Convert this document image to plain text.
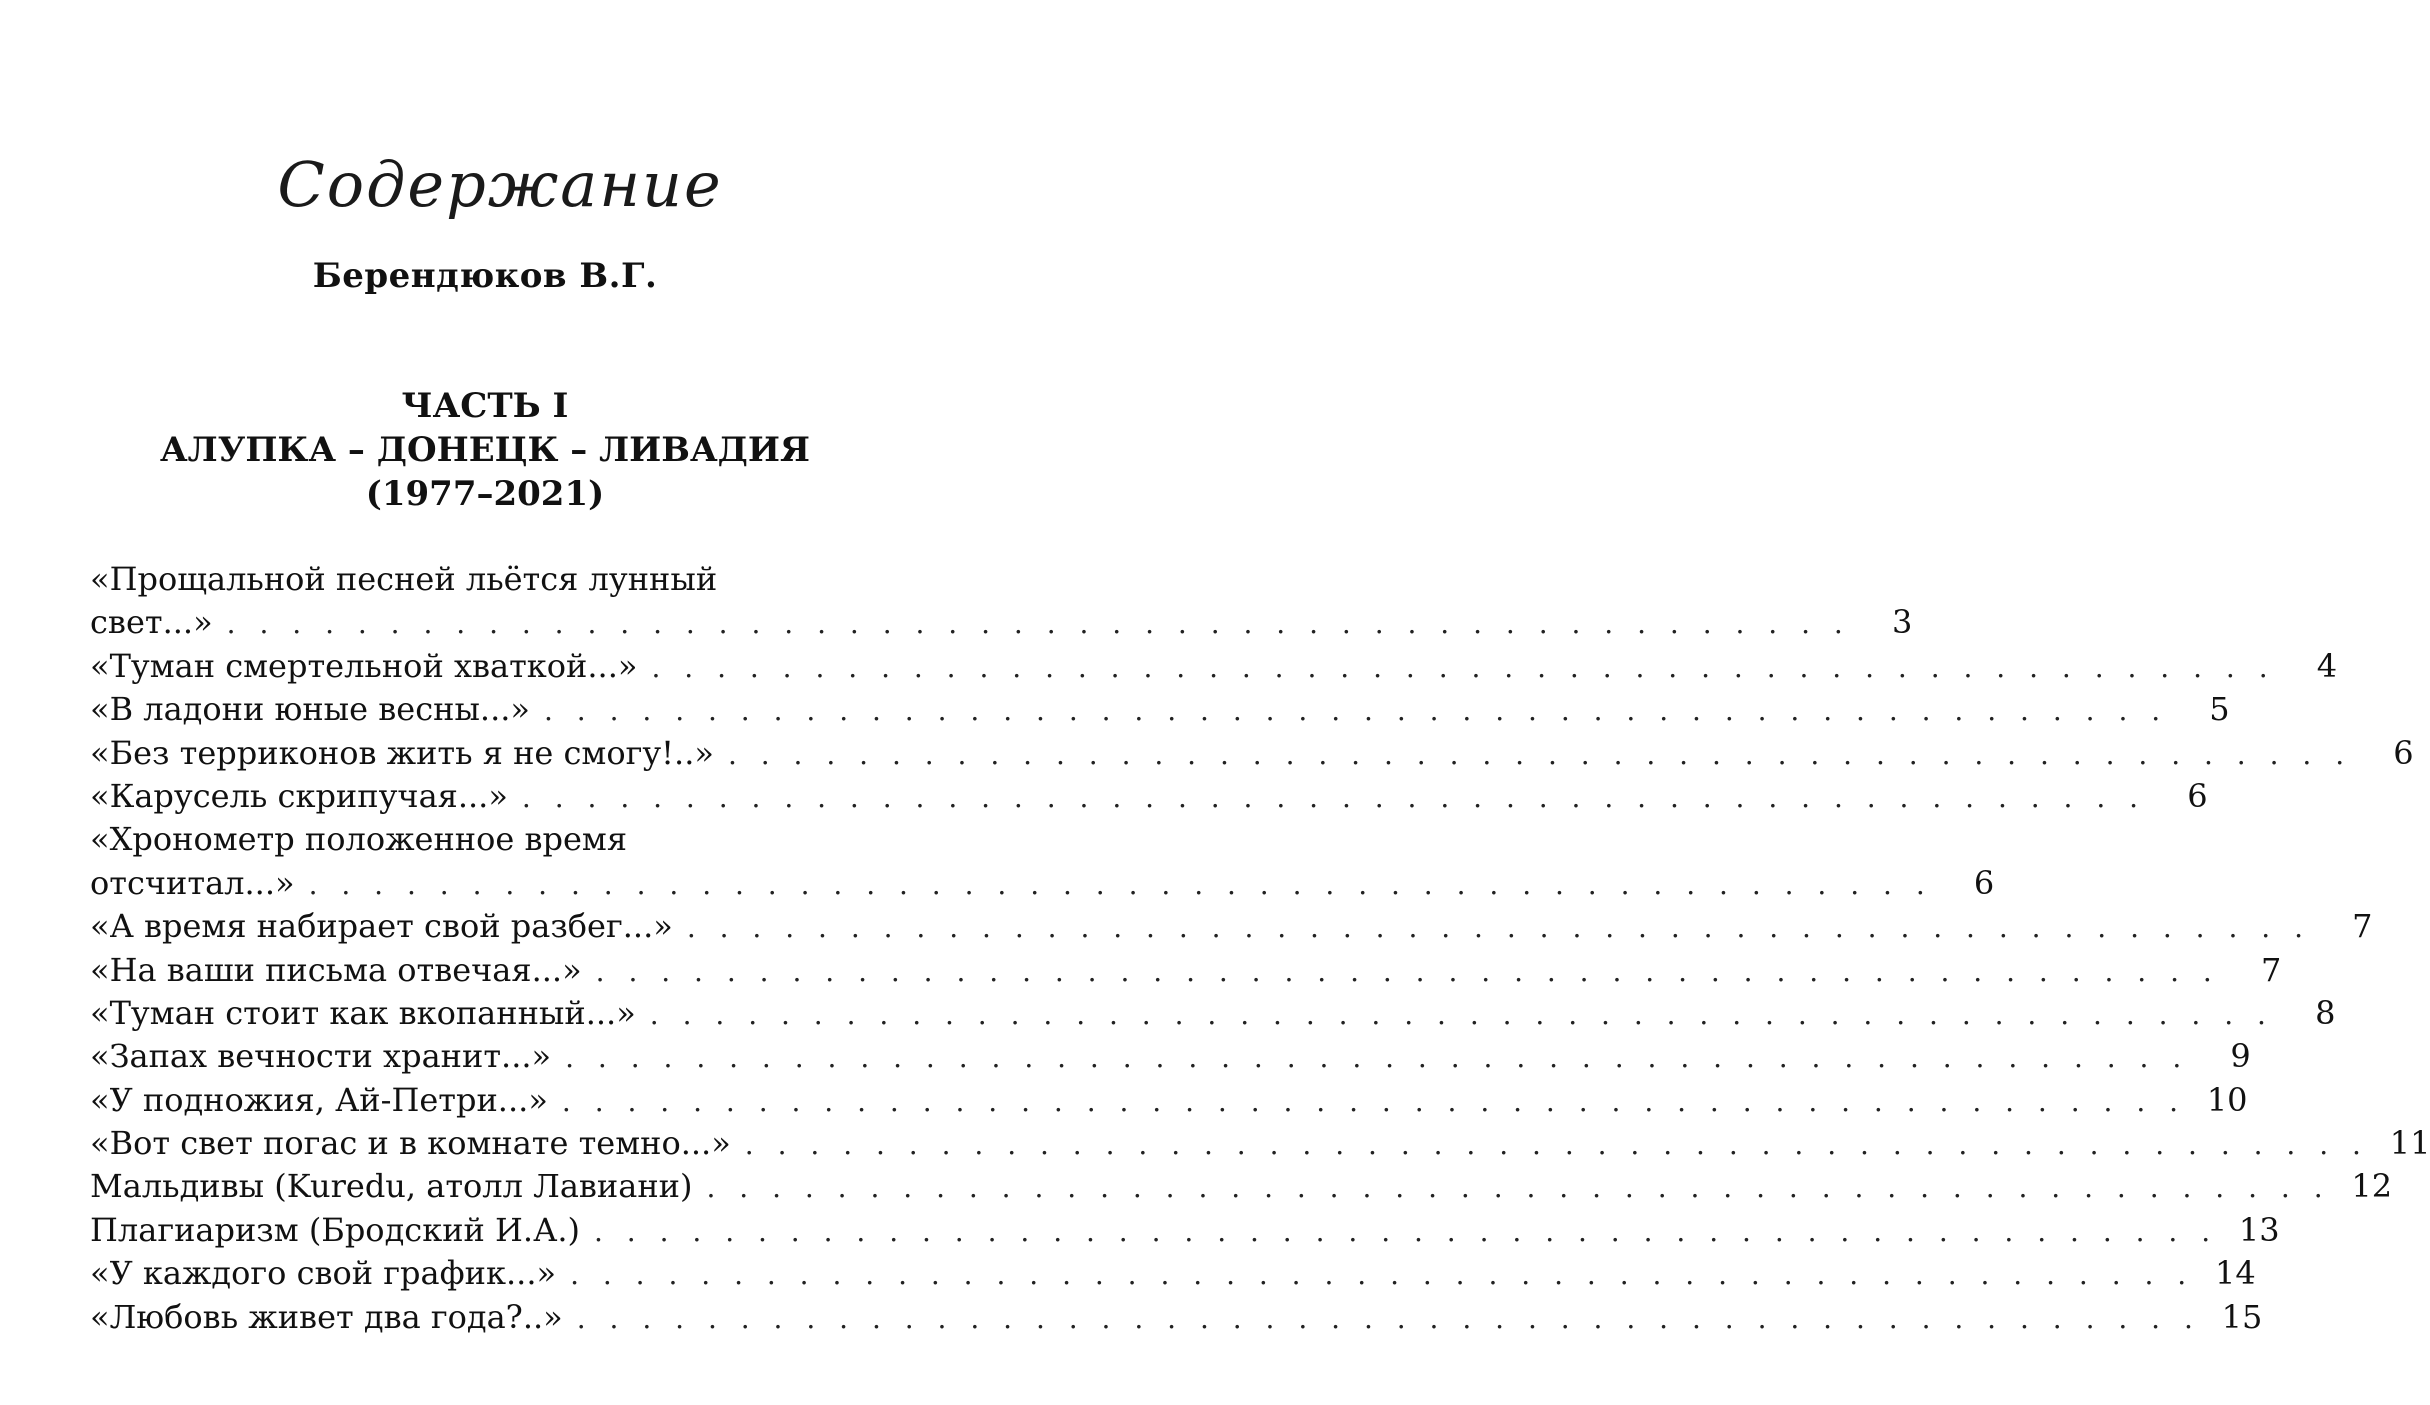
Содержание
Берендюков В.Г.
ЧАСТЬ I
АЛУПКА – ДОНЕЦК – ЛИВАДИЯ
(1977–2021)
«Прощальной песней льётся лунный
свет...» . . . . . . . . . . . . . . . . . . . . . . . . . . . . . . . . . . . . . . . . . . . . . . . . . .	3
«Туман смертельной хваткой...» . . . . . . . . . . . . . . . . . . . . . . . . . . . . . . . . . . . . . . . . . . . . . . . . . .	4
«В ладони юные весны...» . . . . . . . . . . . . . . . . . . . . . . . . . . . . . . . . . . . . . . . . . . . . . . . . . .	5
«Без терриконов жить я не смогу!..» . . . . . . . . . . . . . . . . . . . . . . . . . . . . . . . . . . . . . . . . . . . . . . . . . .	6
«Карусель скрипучая...» . . . . . . . . . . . . . . . . . . . . . . . . . . . . . . . . . . . . . . . . . . . . . . . . . .	6
«Хронометр положенное время
отсчитал...» . . . . . . . . . . . . . . . . . . . . . . . . . . . . . . . . . . . . . . . . . . . . . . . . . .	6
«А время набирает свой разбег...» . . . . . . . . . . . . . . . . . . . . . . . . . . . . . . . . . . . . . . . . . . . . . . . . . .	7
«На ваши письма отвечая...» . . . . . . . . . . . . . . . . . . . . . . . . . . . . . . . . . . . . . . . . . . . . . . . . . .	7
«Туман стоит как вкопанный...» . . . . . . . . . . . . . . . . . . . . . . . . . . . . . . . . . . . . . . . . . . . . . . . . . .	8
«Запах вечности хранит...» . . . . . . . . . . . . . . . . . . . . . . . . . . . . . . . . . . . . . . . . . . . . . . . . . .	9
«У подножия, Ай-Петри...» . . . . . . . . . . . . . . . . . . . . . . . . . . . . . . . . . . . . . . . . . . . . . . . . . . 10
«Вот свет погас и в комнате темно...» . . . . . . . . . . . . . . . . . . . . . . . . . . . . . . . . . . . . . . . . . . . . . . . . . . 11
Мальдивы (Kuredu, атолл Лавиани) . . . . . . . . . . . . . . . . . . . . . . . . . . . . . . . . . . . . . . . . . . . . . . . . . . 12
Плагиаризм (Бродский И.А.) . . . . . . . . . . . . . . . . . . . . . . . . . . . . . . . . . . . . . . . . . . . . . . . . . . 13
«У каждого свой график...» . . . . . . . . . . . . . . . . . . . . . . . . . . . . . . . . . . . . . . . . . . . . . . . . . . 14
«Любовь живет два года?..» . . . . . . . . . . . . . . . . . . . . . . . . . . . . . . . . . . . . . . . . . . . . . . . . . . 15
